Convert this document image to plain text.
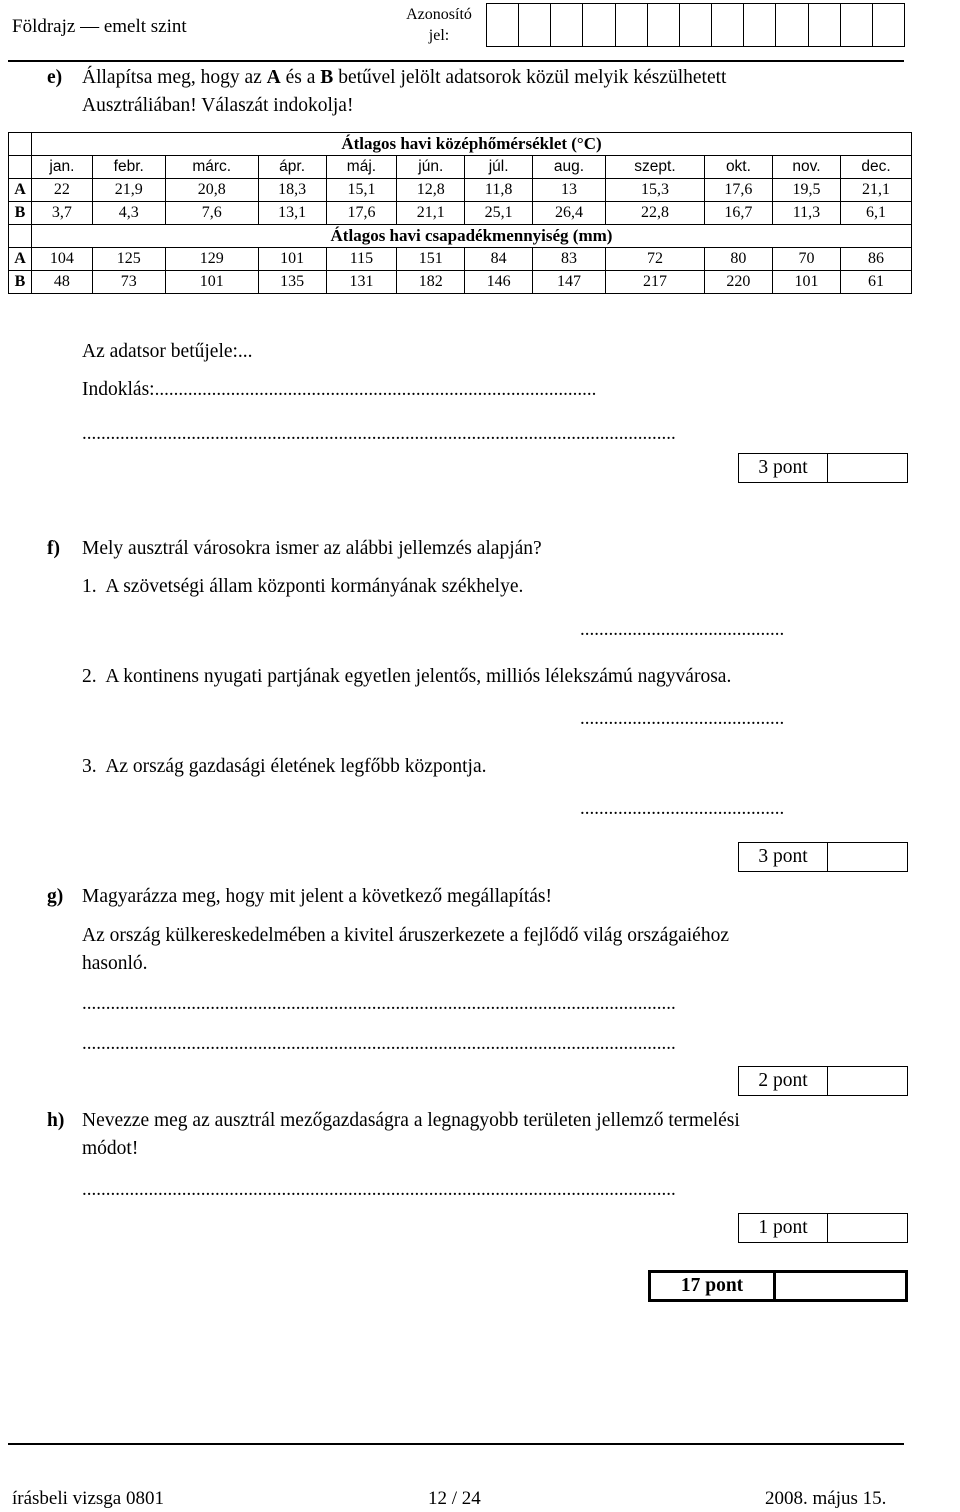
Földrajz — emelt szint
Azonosító
jel:
e) Állapítsa meg, hogy az A és a B betűvel jelölt adatsorok közül melyik készülhetett
Ausztráliában! Válaszát indokolja!
	Átlagos havi középhőmérséklet (°C)											
	jan.	febr.	márc.	ápr.	máj.	jún.	júl.	aug.	szept.	okt.	nov.	dec.
A	22	21,9	20,8	18,3	15,1	12,8	11,8	13	15,3	17,6	19,5	21,1
B	3,7	4,3	7,6	13,1	17,6	21,1	25,1	26,4	22,8	16,7	11,3	6,1
	Átlagos havi csapadékmennyiség (mm)											
A	104	125	129	101	115	151	84	83	72	80	70	86
B	48	73	101	135	131	182	146	147	217	220	101	61
Az adatsor betűjele:...
Indoklás:.............................................................................................
.............................................................................................................................
3 pont
f) Mely ausztrál városokra ismer az alábbi jellemzés alapján?
1. A szövetségi állam központi kormányának székhelye.
...........................................
2. A kontinens nyugati partjának egyetlen jelentős, milliós lélekszámú nagyvárosa.
...........................................
3. Az ország gazdasági életének legfőbb központja.
...........................................
3 pont
g) Magyarázza meg, hogy mit jelent a következő megállapítás!
Az ország külkereskedelmében a kivitel áruszerkezete a fejlődő világ országaiéhoz
hasonló.
.............................................................................................................................
.............................................................................................................................
2 pont
h) Nevezze meg az ausztrál mezőgazdaságra a legnagyobb területen jellemző termelési
módot!
.............................................................................................................................
1 pont
17 pont
írásbeli vizsga 0801	12 / 24	2008. május 15.
